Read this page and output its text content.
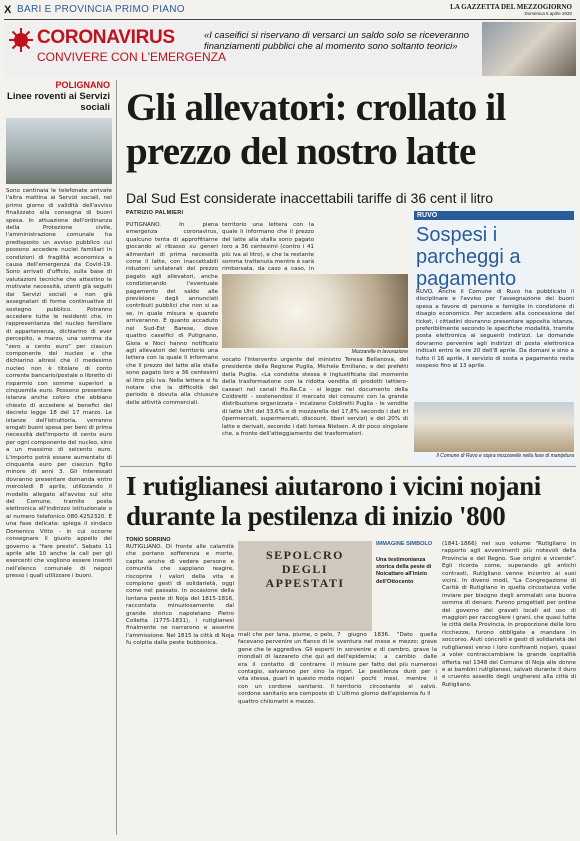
X BARI E PROVINCIA PRIMO PIANO	LA GAZZETTA DEL MEZZOGIORNO
Domenica 5 aprile 2020
CORONAVIRUS
CONVIVERE CON L'EMERGENZA

«I caseifici si riservano di versarci un saldo solo se riceveranno finanziamenti pubblici che al momento sono soltanto teorici»

POLIGNANO
Linee roventi ai Servizi sociali

Sono centinaia le telefonate arrivate l'altra mattina ai Servizi sociali, nel primo giorno di validità dell'avviso finalizzato alla consegna di buoni spesa. In attuazione dell'ordinanza della Protezione civile, l'amministrazione comunale ha predisposto un avviso pubblico cui possono accedere nuclei familiari in condizioni di fragilità economica a causa dell'emergenza da Covid-19. Sono arrivati d'ufficio, sulla base di valutazioni tecniche che attestino le motivate necessità, utenti già seguiti dai Servizi sociali e non già assegnatari di forme continuative di sostegno pubblico. Potranno accedere tutte le residenti che, in rappresentanza del nucleo familiare di appartenenza, dichiarino di aver percepito, a marzo, una somma da "zero a cento euro" per ciascun componente del nucleo e che dichiarino altresì che il medesimo nucleo non è titolare di conto corrente bancario/postale o libretto di risparmio con somme superiori a cinquemila euro. Possono presentare istanza anche coloro che abbiano chiesto di accedere ai benefici del decreto legge 18 del 17 marzo. Le istanze dell'istruttoria, verranno erogati buoni spesa per beni di prima necessità dell'importo di cento euro per ogni componente del nucleo, sino a un massimo di seicento euro. L'importo potrà essere aumentato di cinquanta euro per ciascun figlio minore di anni 3. Gli interessati dovranno presentare domanda entro mercoledì 8 aprile, utilizzando il modello allegato all'avviso sul sito del Comune, tramite posta elettronica all'indirizzo istituzionale o al numero telefonico 080.4252320. È una fase delicata: spiega il sindaco Domenico Vitto - in cui occorre consegnare il giusto appello del governo a "fare presto". Sabato 11 aprile alle 10 anche la call per gli esercenti che vogliono essere inseriti nell'elenco comunale di negozi presso i quali utilizzare i buoni.

Gli allevatori: crollato il prezzo del nostro latte
Dal Sud Est considerate inaccettabili tariffe di 36 cent il litro
PATRIZIO PALMIERI

PUTIGNANO. In piena emergenza coronavirus, qualcuno tenta di approfittarne giocando al ribasso su generi alimentari di prima necessità come il latte, con inaccettabili riduzioni unilaterali del prezzo pagato agli allevatori, anche condizionando l'eventuale pagamento del saldo alle previsione degli annunciati contributi pubblici che non si sa se, in quale misura e quando arriveranno. È quanto accaduto nel Sud-Est Barese, dove quattro caseifici di Putignano, Gioia e Noci hanno notificato agli allevatori del territorio una lettera con la quale li informano che il prezzo del latte alla stalla sono pagato loro a 36 centesimi al litro più iva. Nella lettera si fa notare che la difficoltà del periodo è dovuta alla chiusura delle attività commerciali.

territorio una lettera con la quale li informano che il prezzo del latte alla stalla sono pagato loro a 36 centesimi (contro i 41 più iva al litro), e che la restante somma trattenuta mentre è sarà rimborsata, da caso a caso, in

Mozzarelle in lavorazione

vocato l'intervento urgente del ministro Teresa Bellanova, del presidente della Regione Puglia, Michele Emiliano, e dei prefetti della Puglia. «La condotta stessa è ingiustificata dal momento della trasformazione con la ridotta vendita di prodotti lattiero-caseari nel canali Ho.Re.Ca - si legge nel documento della Coldiretti - sostenendosi il mercato dei consumi con la grande distribuzione organizzata - incalzano Coldiretti Puglia - le vendite di latte Uht del 33,6% e di mozzarella del 17,8% secondo i dati Iri (ipermercati, supermercati, discount, liberi servizi) e del 20% di latte e derivati, secondo i dati Ismea Nielsen. A dir poco singolare che, a fronte dell'atteggiamento dei trasformatori.

RUVO
Sospesi i parcheggi a pagamento

RUVO. Anche il Comune di Ruvo ha pubblicato il disciplinare e l'avviso per l'assegnazione dei buoni spesa a favore di persone e famiglie in condizione di disagio economico. Per accedere alla concessione dei ticket, i cittadini dovranno presentare apposita istanza, preferibilmente secondo le specifiche modalità, tramite posta elettronica ai seguenti indirizzi. Le domande dovranno pervenire agli indirizzi di posta elettronica indicati entro le ore 20 dell'8 aprile. Da domani e sino a tutto il 16 aprile, il servizio di sosta a pagamento resta sospeso fino al 13 aprile.

Il Comune di Ruvo e sopra mozzarelle nella fase di manipitura
I rutiglianesi aiutarono i vicini nojani durante la pestilenza di inizio '800
TONIO SORRINO

RUTIGLIANO. Di fronte alle calamità che portano sofferenza e morte, capita anche di vedere persone e comunità che sappiano reagire, riscoprire i valori della vita e compiono gesti di solidarietà, oggi come nel passato. In occasione della lontana peste di Noja del 1815-1816, raccontata minuziosamente dal grande storico napoletano Pietro Colletta (1775-1831), i rutiglianesi finalmente ne narrarono e asserire l'ammissione. Nel 1815 la città di Noja fu colpita dalla peste bubbonica.

SEPOLCRO DEGLI APPESTATI

IMMAGINE SIMBOLO

Una testimonianza storica della peste di Noicattaro all'inizio dell'Ottocento

mali che per lana, piume, o pelo, facevano pervenire un fianco di le gene che le aggrediva. Gli esperti mondiali di lazzareto che qui ad era il contatto di contrarre il contagio, salvarono per sino la vita stessa, guarì in questo modo con un cordone sanitario. Il cordone sanitario era composto di quattro chilometri e mezzo.

7 giugno 1836. "Dato quella sventura nel mese e mezzo; grave in sorvenire e di cambro, grave la dell'epidemia; a cambio dalle misure per fatto dei più numerosi rigori. Le pestilenza durò per i nojani pochi mesi, mentre il territorio circostante si salvò. L'ultimo giorno dell'epidemia fu il

(1841-1866) nel suo volume "Rutigliano in rapporto agli avvenimenti più notevoli della Provincia e del Regno. Sue origini e vicende". Egli ricorda come, superando gli antichi contrasti, Rutigliano venne incontro ai suoi vicini. In diversi modi, "La Congregazione di Carità di Rutigliano in quella circostanza volle inviare per bisogno degli ammalati una buona somma di denaro. Furono progettati per ordine del governo dei gravati locali ad uso di maggiori per raccogliere i grani, che quasi tutte le città della Provincia, in proporzione delle loro ricchezze, furono obbligate a mandare in soccorso. Aiuti concreti e gesti di solidarietà dei rutiglianesi verso i loro confinanti nojani, quasi a voler contraccambiare la grande ospitalità offerta nel 1348 del Comune di Noja alle donne e ai bambini rutiglianesi, salvati durante il duro e cruento assedio degli ungheresi alla città di Rutigliano.
